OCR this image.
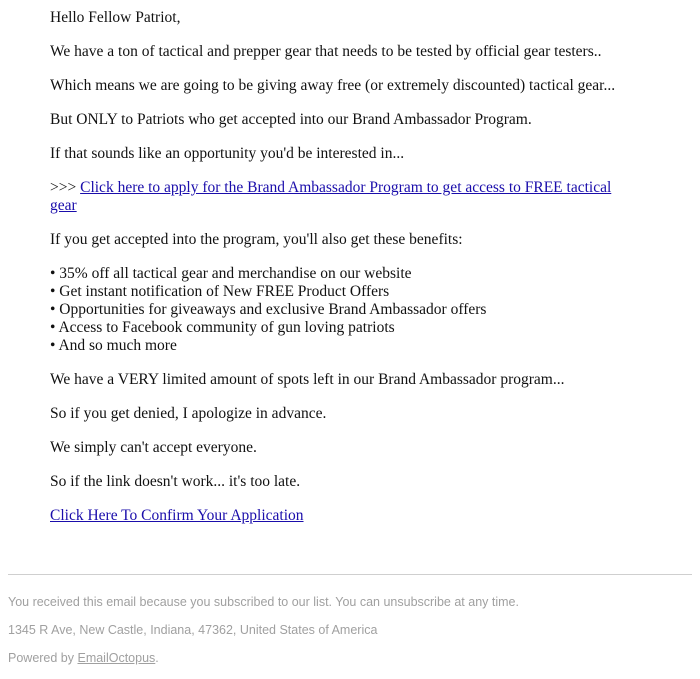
Hello Fellow Patriot,

We have a ton of tactical and prepper gear that needs to be tested by official gear testers..

Which means we are going to be giving away free (or extremely discounted) tactical gear...

But ONLY to Patriots who get accepted into our Brand Ambassador Program.

If that sounds like an opportunity you'd be interested in...

>>> Click here to apply for the Brand Ambassador Program to get access to FREE tactical gear

If you get accepted into the program, you'll also get these benefits:

• 35% off all tactical gear and merchandise on our website
• Get instant notification of New FREE Product Offers
• Opportunities for giveaways and exclusive Brand Ambassador offers
• Access to Facebook community of gun loving patriots
• And so much more

We have a VERY limited amount of spots left in our Brand Ambassador program...

So if you get denied, I apologize in advance.

We simply can't accept everyone.

So if the link doesn't work... it's too late.

Click Here To Confirm Your Application

You received this email because you subscribed to our list. You can unsubscribe at any time.
1345 R Ave, New Castle, Indiana, 47362, United States of America
Powered by EmailOctopus.
